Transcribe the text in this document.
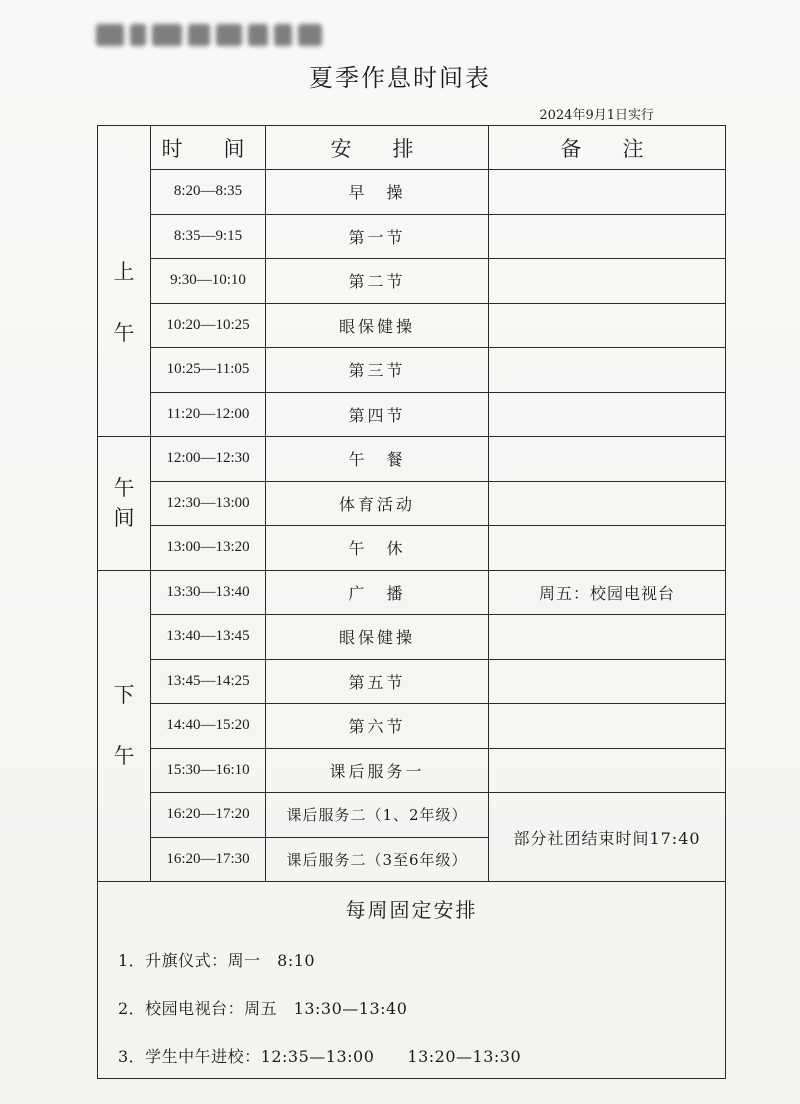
夏季作息时间表
2024年9月1日实行
	时　间	安　排	备　注
上

午	8:20—8:35	早　操	
	8:35—9:15	第一节	
	9:30—10:10	第二节	
	10:20—10:25	眼保健操	
	10:25—11:05	第三节	
	11:20—12:00	第四节	
午
间	12:00—12:30	午　餐	
	12:30—13:00	体育活动	
	13:00—13:20	午　休	
下

午	13:30—13:40	广　播	周五：校园电视台
	13:40—13:45	眼保健操	
	13:45—14:25	第五节	
	14:40—15:20	第六节	
	15:30—16:10	课后服务一	
	16:20—17:20	课后服务二（1、2年级）	部分社团结束时间17:40
	16:20—17:30	课后服务二（3至6年级）	

每周固定安排
1．升旗仪式：周一　8:10
2．校园电视台：周五　13:30—13:40
3．学生中午进校：12:35—13:00　　13:20—13:30			
